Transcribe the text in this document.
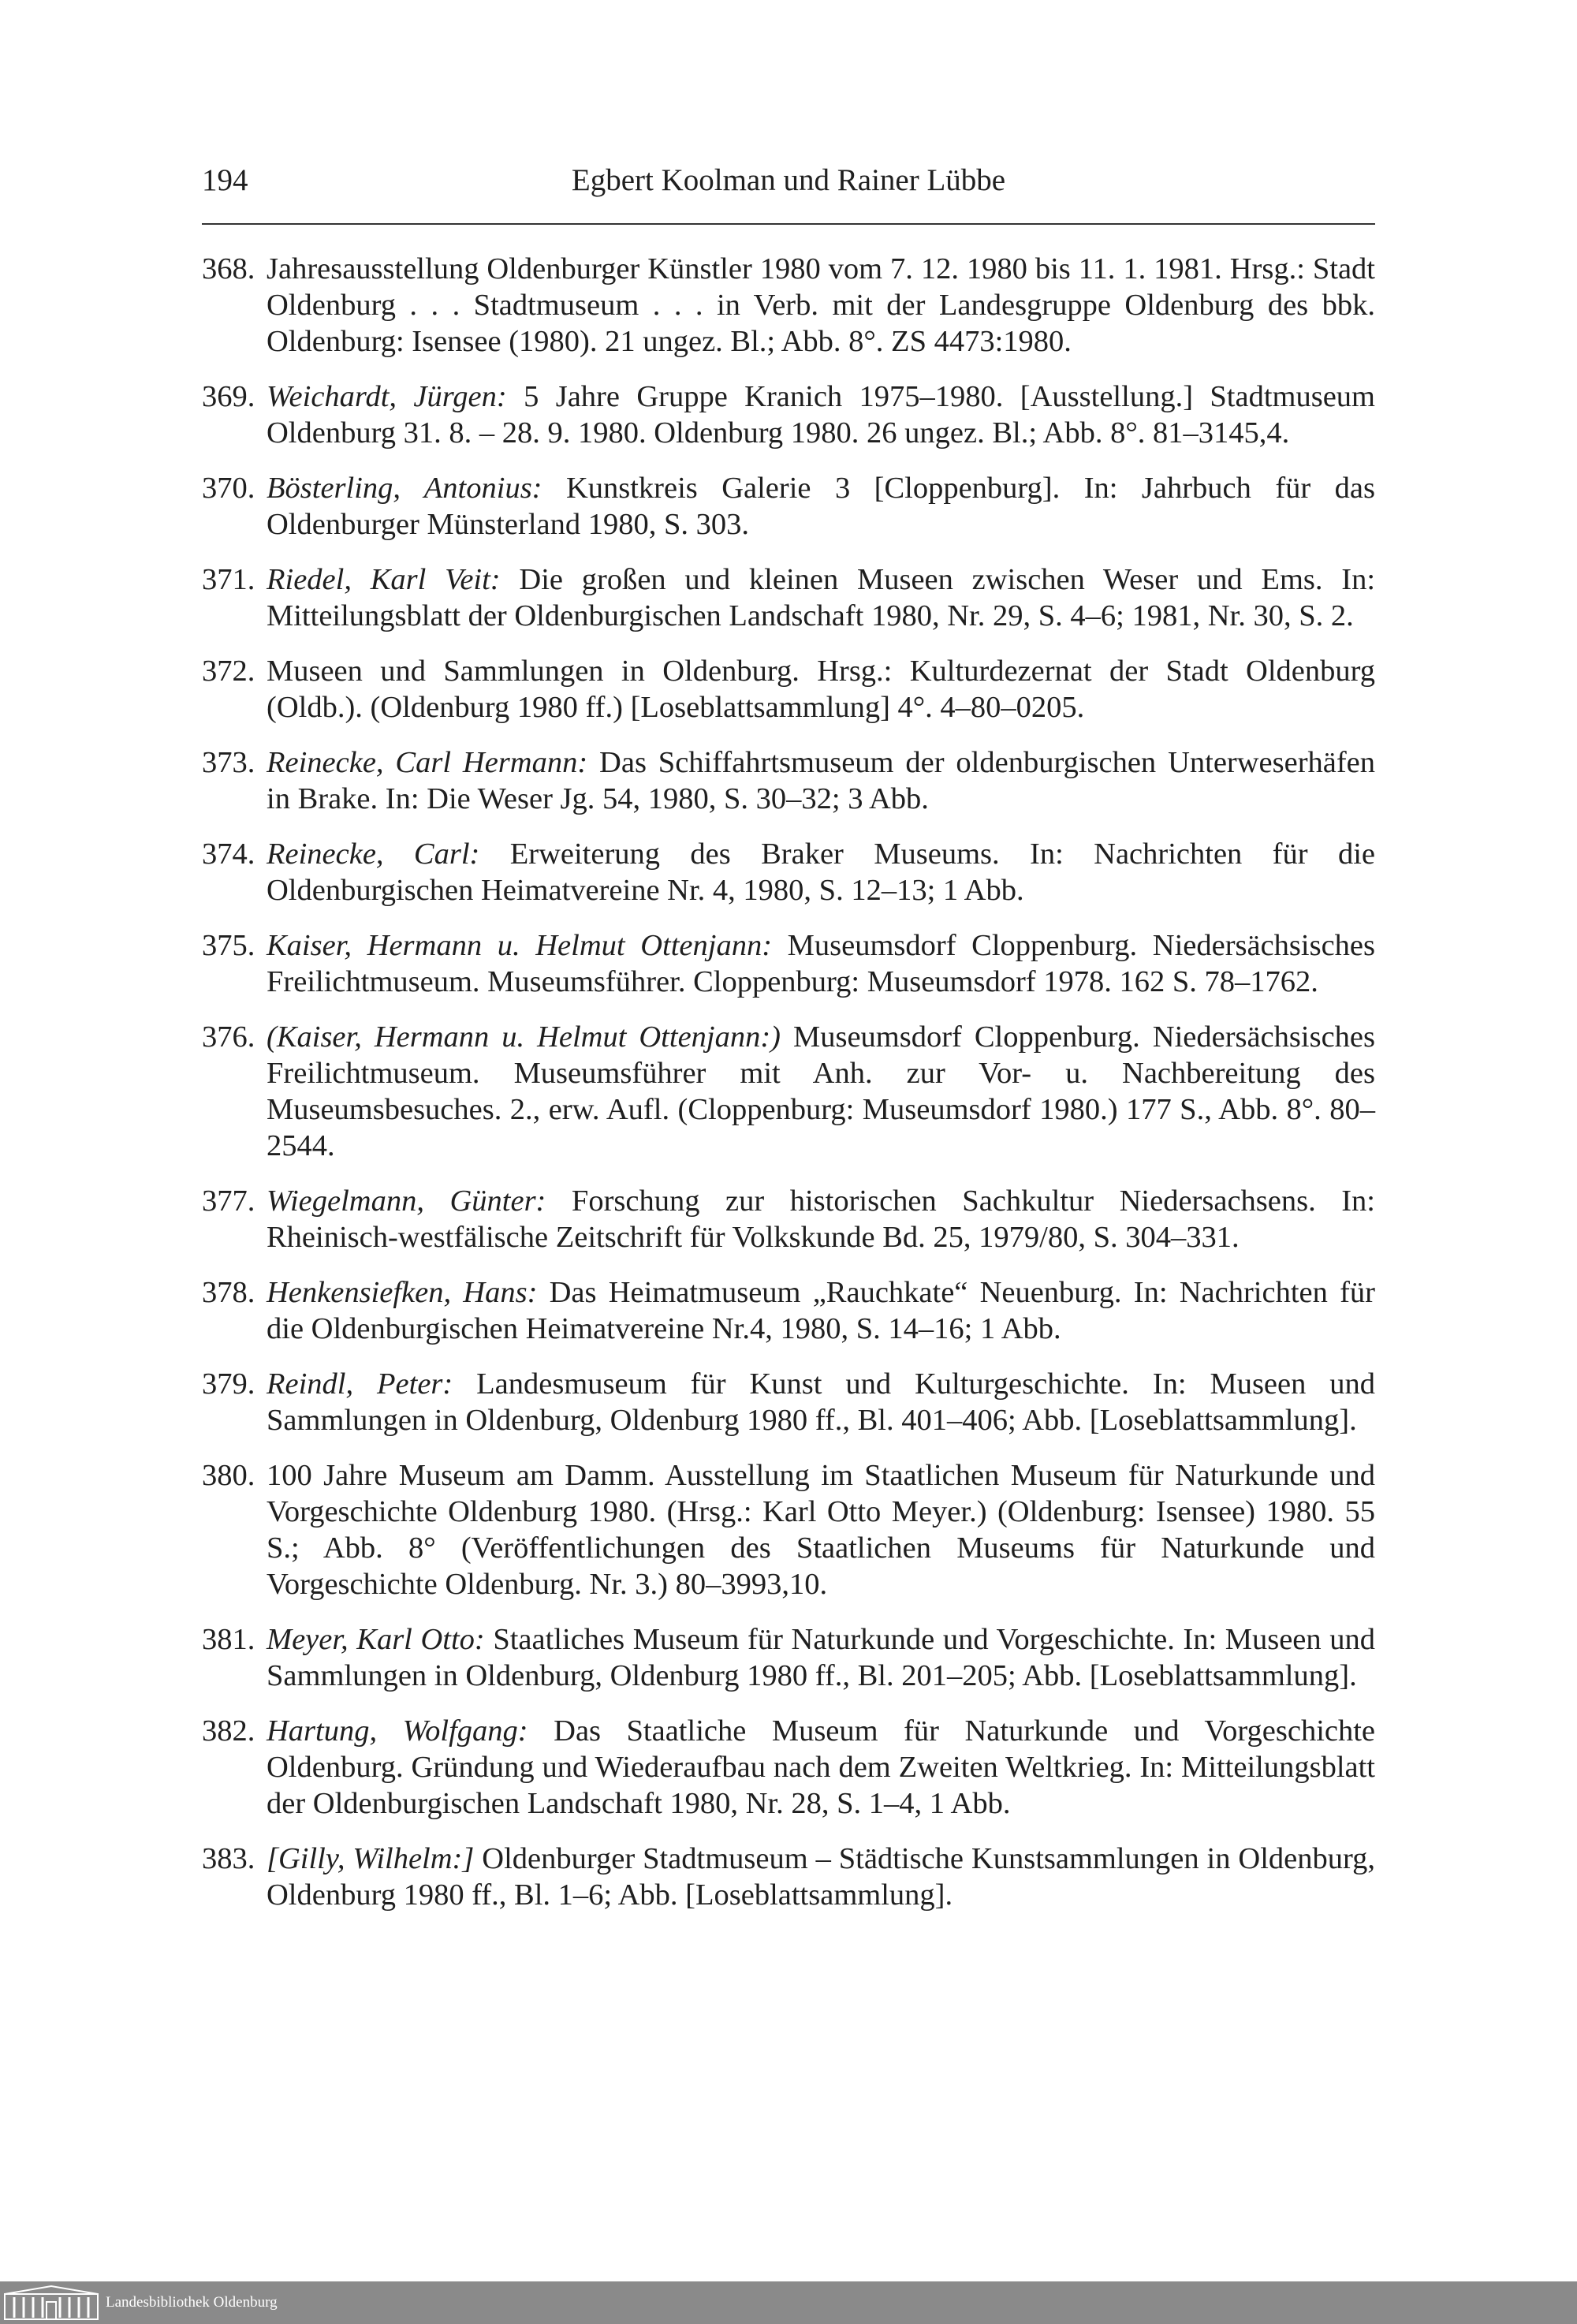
194	Egbert Koolman und Rainer Lübbe
368. Jahresausstellung Oldenburger Künstler 1980 vom 7. 12. 1980 bis 11. 1. 1981. Hrsg.: Stadt Oldenburg . . . Stadtmuseum . . . in Verb. mit der Landesgruppe Oldenburg des bbk. Oldenburg: Isensee (1980). 21 ungez. Bl.; Abb. 8°. ZS 4473:1980.
369. Weichardt, Jürgen: 5 Jahre Gruppe Kranich 1975–1980. [Ausstellung.] Stadtmuseum Oldenburg 31. 8. – 28. 9. 1980. Oldenburg 1980. 26 ungez. Bl.; Abb. 8°. 81–3145,4.
370. Bösterling, Antonius: Kunstkreis Galerie 3 [Cloppenburg]. In: Jahrbuch für das Oldenburger Münsterland 1980, S. 303.
371. Riedel, Karl Veit: Die großen und kleinen Museen zwischen Weser und Ems. In: Mitteilungsblatt der Oldenburgischen Landschaft 1980, Nr. 29, S. 4–6; 1981, Nr. 30, S. 2.
372. Museen und Sammlungen in Oldenburg. Hrsg.: Kulturdezernat der Stadt Oldenburg (Oldb.). (Oldenburg 1980 ff.) [Loseblattsammlung] 4°. 4–80–0205.
373. Reinecke, Carl Hermann: Das Schiffahrtsmuseum der oldenburgischen Unterweserhäfen in Brake. In: Die Weser Jg. 54, 1980, S. 30–32; 3 Abb.
374. Reinecke, Carl: Erweiterung des Braker Museums. In: Nachrichten für die Oldenburgischen Heimatvereine Nr. 4, 1980, S. 12–13; 1 Abb.
375. Kaiser, Hermann u. Helmut Ottenjann: Museumsdorf Cloppenburg. Niedersächsisches Freilichtmuseum. Museumsführer. Cloppenburg: Museumsdorf 1978. 162 S. 78–1762.
376. (Kaiser, Hermann u. Helmut Ottenjann:) Museumsdorf Cloppenburg. Niedersächsisches Freilichtmuseum. Museumsführer mit Anh. zur Vor- u. Nachbereitung des Museumsbesuches. 2., erw. Aufl. (Cloppenburg: Museumsdorf 1980.) 177 S., Abb. 8°. 80–2544.
377. Wiegelmann, Günter: Forschung zur historischen Sachkultur Niedersachsens. In: Rheinisch-westfälische Zeitschrift für Volkskunde Bd. 25, 1979/80, S. 304–331.
378. Henkensiefken, Hans: Das Heimatmuseum „Rauchkate“ Neuenburg. In: Nachrichten für die Oldenburgischen Heimatvereine Nr.4, 1980, S. 14–16; 1 Abb.
379. Reindl, Peter: Landesmuseum für Kunst und Kulturgeschichte. In: Museen und Sammlungen in Oldenburg, Oldenburg 1980 ff., Bl. 401–406; Abb. [Loseblattsammlung].
380. 100 Jahre Museum am Damm. Ausstellung im Staatlichen Museum für Naturkunde und Vorgeschichte Oldenburg 1980. (Hrsg.: Karl Otto Meyer.) (Oldenburg: Isensee) 1980. 55 S.; Abb. 8° (Veröffentlichungen des Staatlichen Museums für Naturkunde und Vorgeschichte Oldenburg. Nr. 3.) 80–3993,10.
381. Meyer, Karl Otto: Staatliches Museum für Naturkunde und Vorgeschichte. In: Museen und Sammlungen in Oldenburg, Oldenburg 1980 ff., Bl. 201–205; Abb. [Loseblattsammlung].
382. Hartung, Wolfgang: Das Staatliche Museum für Naturkunde und Vorgeschichte Oldenburg. Gründung und Wiederaufbau nach dem Zweiten Weltkrieg. In: Mitteilungsblatt der Oldenburgischen Landschaft 1980, Nr. 28, S. 1–4, 1 Abb.
383. [Gilly, Wilhelm:] Oldenburger Stadtmuseum – Städtische Kunstsammlungen in Oldenburg, Oldenburg 1980 ff., Bl. 1–6; Abb. [Loseblattsammlung].
Landesbibliothek Oldenburg
